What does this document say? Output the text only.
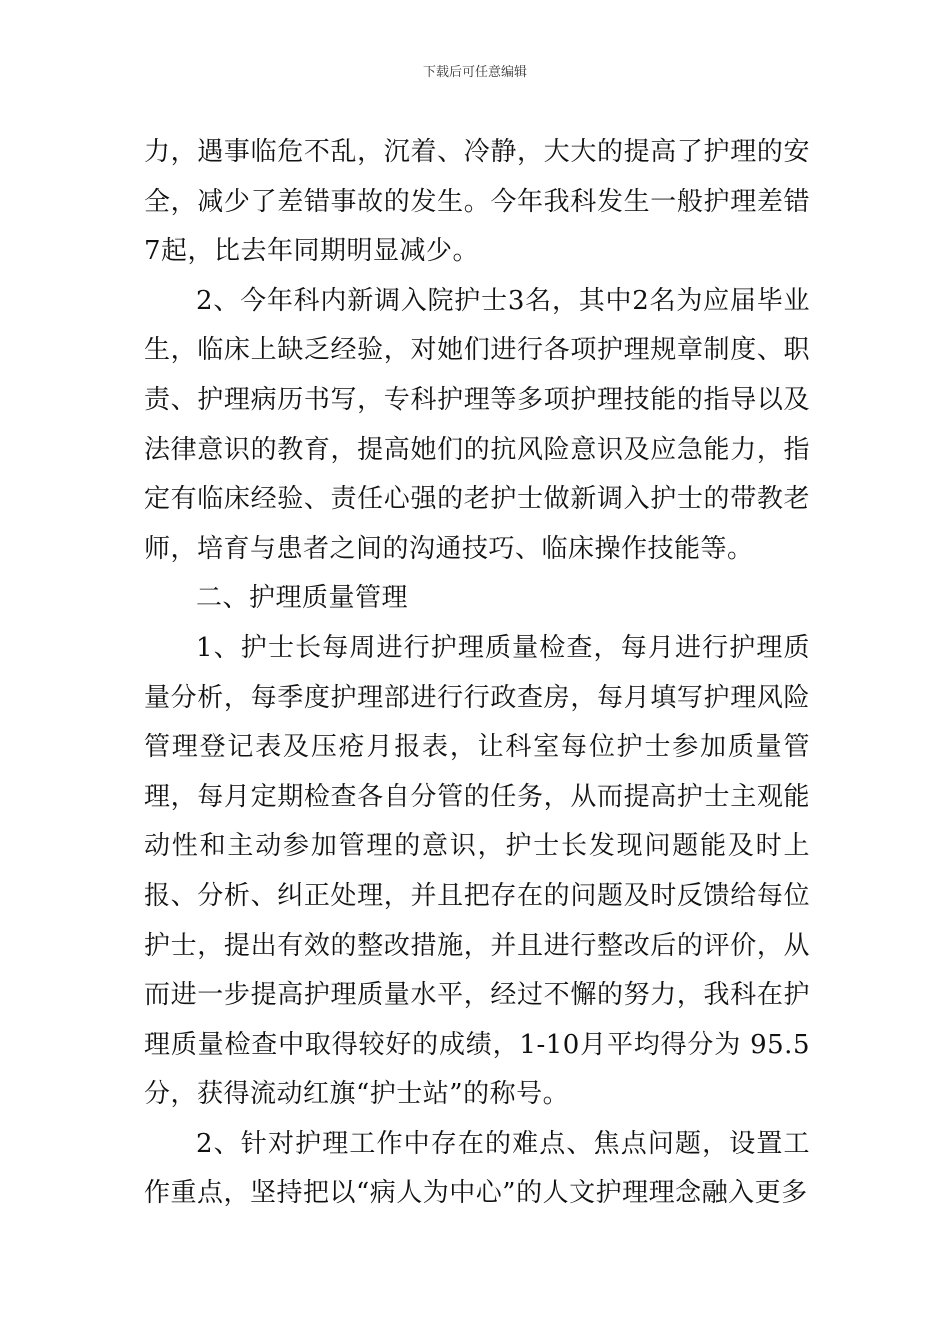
下载后可任意编辑

力，遇事临危不乱，沉着、冷静，大大的提高了护理的安全，减少了差错事故的发生。今年我科发生一般护理差错7起，比去年同期明显减少。

2、今年科内新调入院护士3名，其中2名为应届毕业生，临床上缺乏经验，对她们进行各项护理规章制度、职责、护理病历书写，专科护理等多项护理技能的指导以及法律意识的教育，提高她们的抗风险意识及应急能力，指定有临床经验、责任心强的老护士做新调入护士的带教老师，培育与患者之间的沟通技巧、临床操作技能等。

二、护理质量管理

1、护士长每周进行护理质量检查，每月进行护理质量分析，每季度护理部进行行政查房，每月填写护理风险管理登记表及压疮月报表，让科室每位护士参加质量管理，每月定期检查各自分管的任务，从而提高护士主观能动性和主动参加管理的意识，护士长发现问题能及时上报、分析、纠正处理，并且把存在的问题及时反馈给每位护士，提出有效的整改措施，并且进行整改后的评价，从而进一步提高护理质量水平，经过不懈的努力，我科在护理质量检查中取得较好的成绩，1-10月平均得分为 95.5 分，获得流动红旗“护士站”的称号。

2、针对护理工作中存在的难点、焦点问题，设置工作重点，坚持把以“病人为中心”的人文护理理念融入更多
